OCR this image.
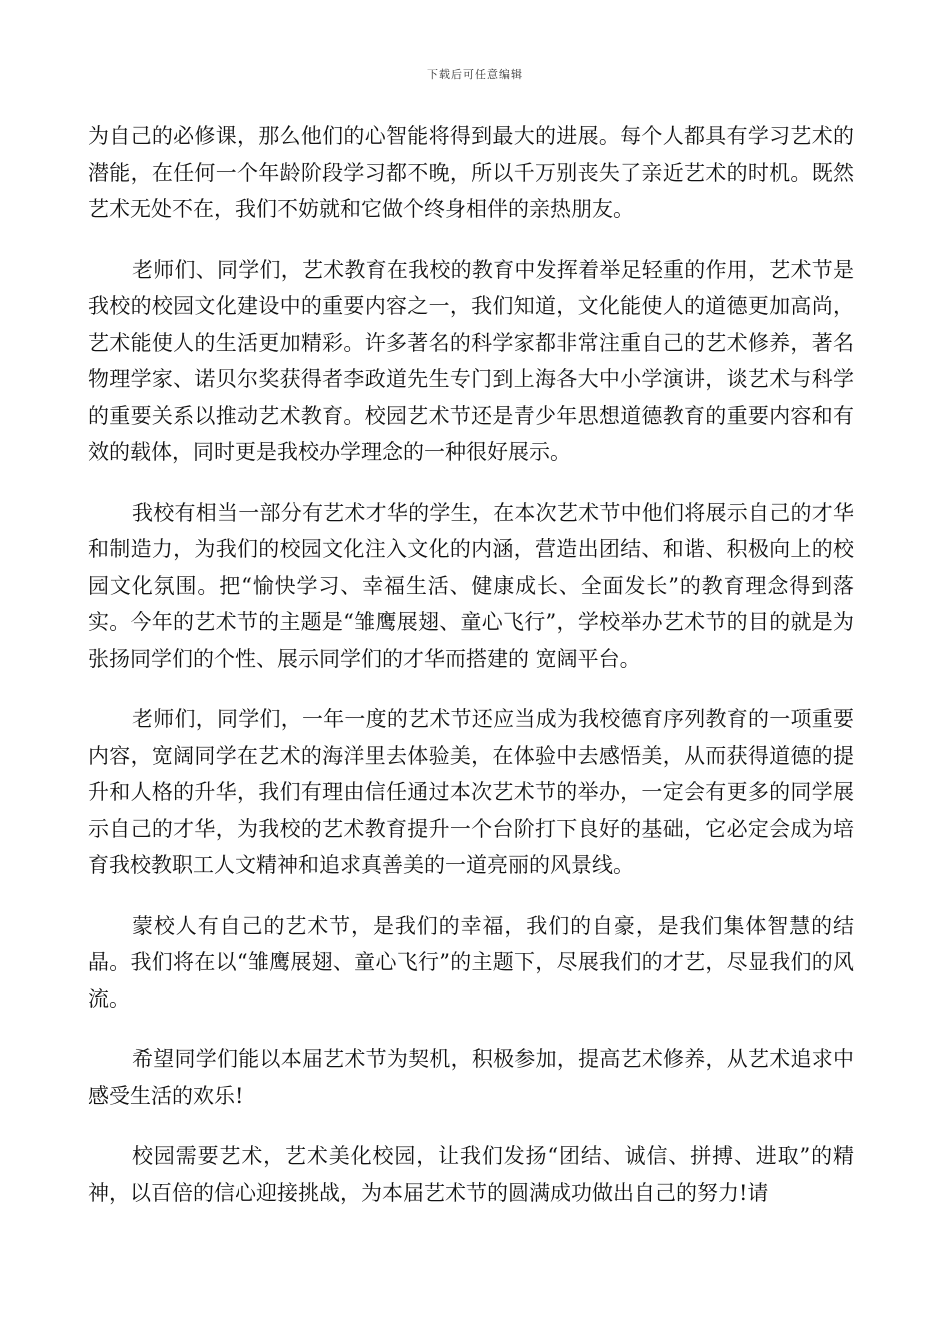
下载后可任意编辑

为自己的必修课，那么他们的心智能将得到最大的进展。每个人都具有学习艺术的潜能，在任何一个年龄阶段学习都不晚，所以千万别丧失了亲近艺术的时机。既然艺术无处不在，我们不妨就和它做个终身相伴的亲热朋友。

老师们、同学们，艺术教育在我校的教育中发挥着举足轻重的作用，艺术节是我校的校园文化建设中的重要内容之一，我们知道，文化能使人的道德更加高尚，艺术能使人的生活更加精彩。许多著名的科学家都非常注重自己的艺术修养，著名物理学家、诺贝尔奖获得者李政道先生专门到上海各大中小学演讲，谈艺术与科学的重要关系以推动艺术教育。校园艺术节还是青少年思想道德教育的重要内容和有效的载体，同时更是我校办学理念的一种很好展示。

我校有相当一部分有艺术才华的学生，在本次艺术节中他们将展示自己的才华和制造力，为我们的校园文化注入文化的内涵，营造出团结、和谐、积极向上的校园文化氛围。把“愉快学习、幸福生活、健康成长、全面发长”的教育理念得到落实。今年的艺术节的主题是“雏鹰展翅、童心飞行”，学校举办艺术节的目的就是为张扬同学们的个性、展示同学们的才华而搭建的 宽阔平台。

老师们，同学们，一年一度的艺术节还应当成为我校德育序列教育的一项重要内容，宽阔同学在艺术的海洋里去体验美，在体验中去感悟美，从而获得道德的提升和人格的升华，我们有理由信任通过本次艺术节的举办，一定会有更多的同学展示自己的才华，为我校的艺术教育提升一个台阶打下良好的基础，它必定会成为培育我校教职工人文精神和追求真善美的一道亮丽的风景线。

蒙校人有自己的艺术节，是我们的幸福，我们的自豪，是我们集体智慧的结晶。我们将在以“雏鹰展翅、童心飞行”的主题下，尽展我们的才艺，尽显我们的风流。

希望同学们能以本届艺术节为契机，积极参加，提高艺术修养，从艺术追求中感受生活的欢乐!

校园需要艺术，艺术美化校园，让我们发扬“团结、诚信、拼搏、进取”的精神，以百倍的信心迎接挑战，为本届艺术节的圆满成功做出自己的努力!请
